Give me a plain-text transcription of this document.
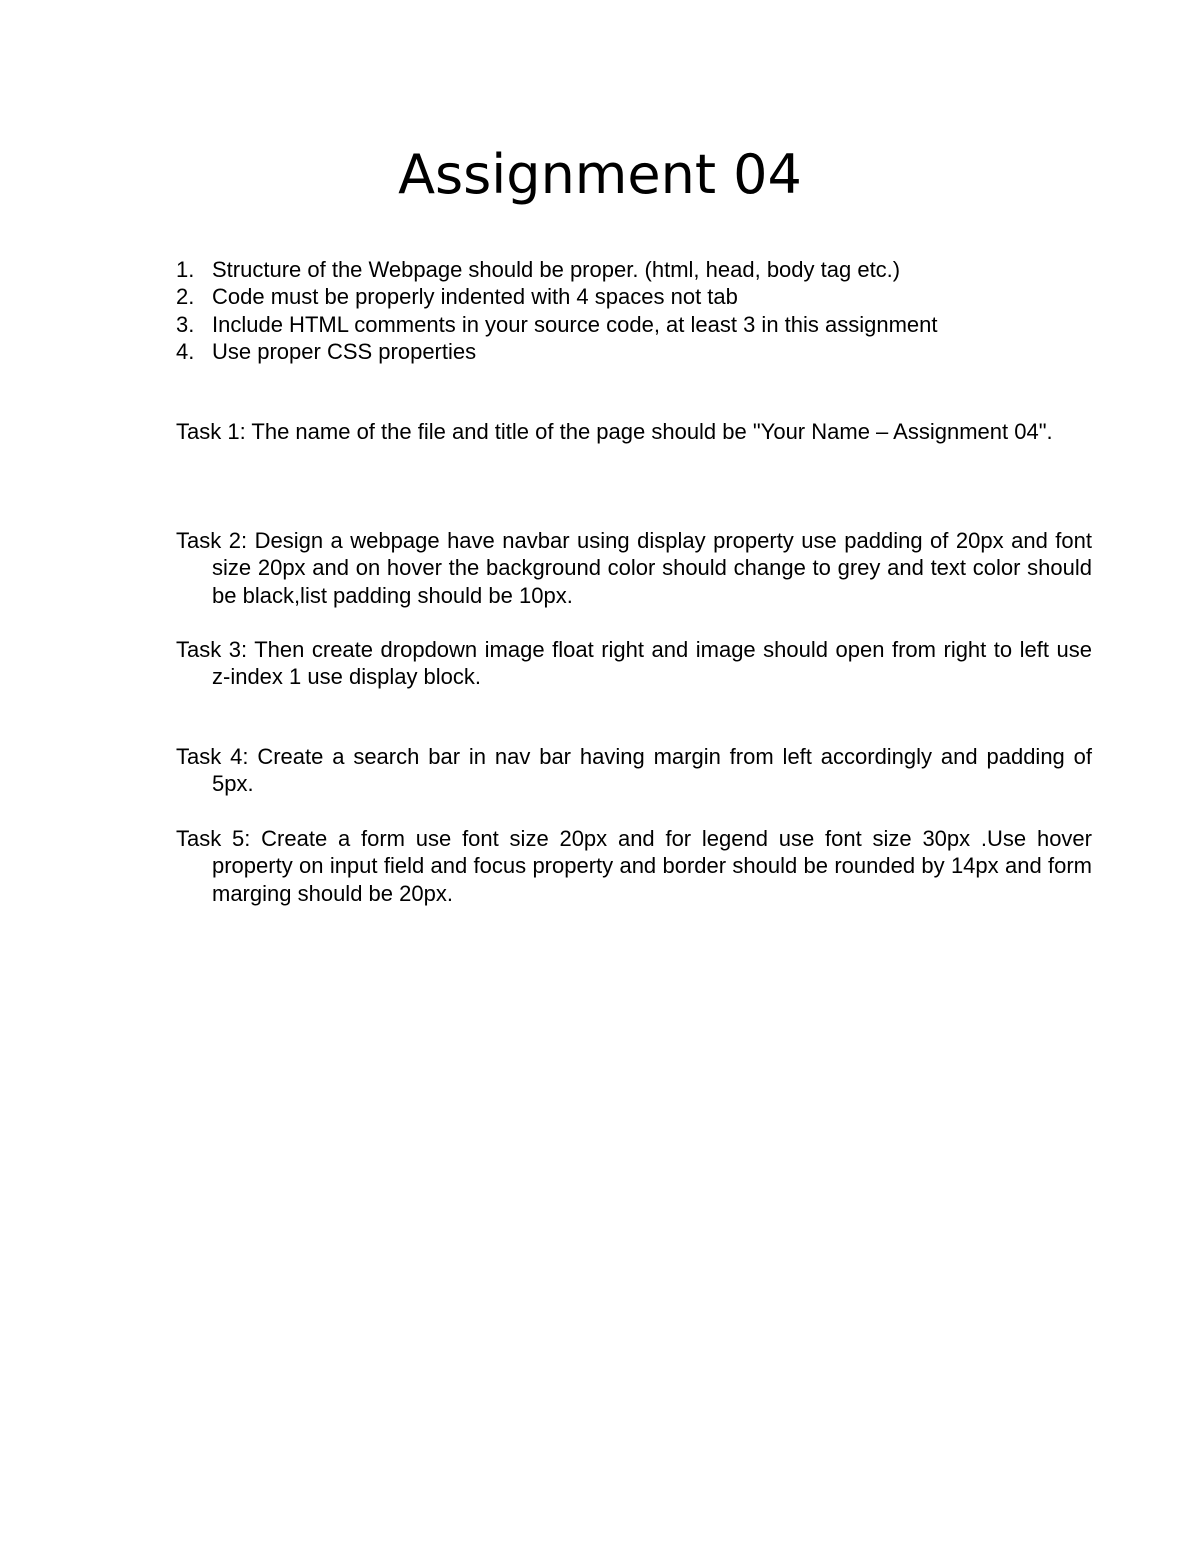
Assignment 04
1. Structure of the Webpage should be proper. (html, head, body tag etc.)
2. Code must be properly indented with 4 spaces not tab
3. Include HTML comments in your source code, at least 3 in this assignment
4. Use proper CSS properties

Task 1: The name of the file and title of the page should be "Your Name – Assignment 04".

Task 2: Design a webpage have navbar using display property use padding of 20px and font size 20px and on hover the background color should change to grey and text color should be black,list padding should be 10px.

Task 3: Then create dropdown image float right and image should open from right to left use z-index 1 use display block.

Task 4: Create a search bar in nav bar having margin from left accordingly and padding of 5px.

Task 5: Create a form use font size 20px and for legend use font size 30px .Use hover property on input field and focus property and border should be rounded by 14px and form marging should be 20px.
